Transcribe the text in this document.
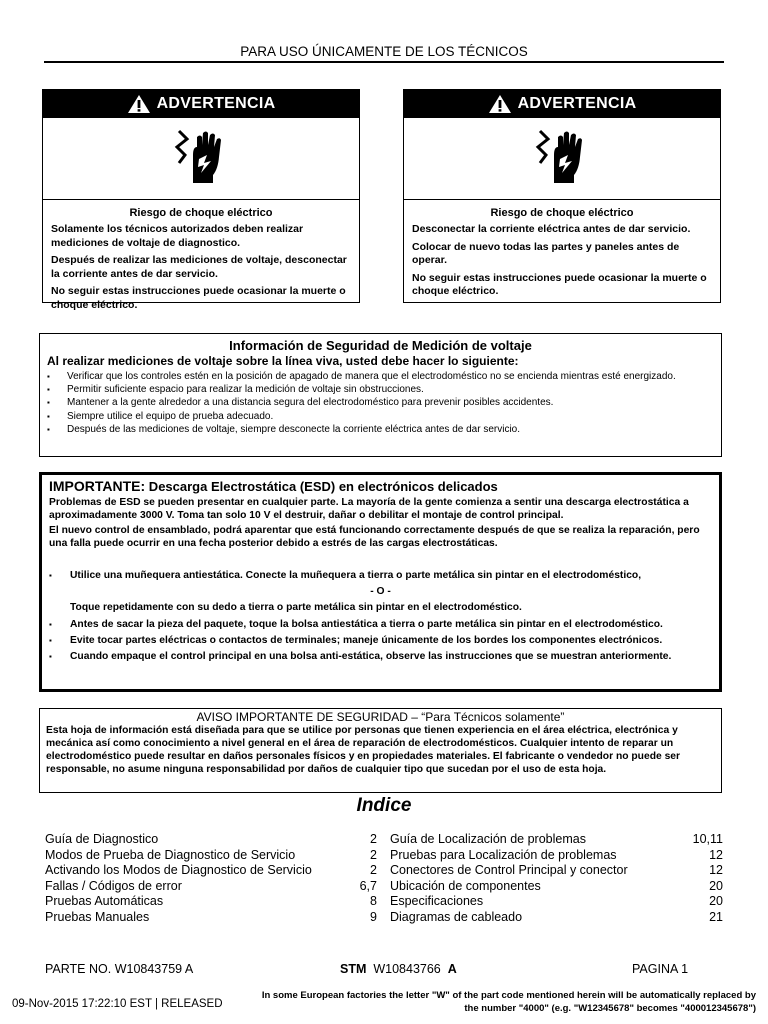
PARA USO ÚNICAMENTE DE LOS TÉCNICOS
ADVERTENCIA
Riesgo de choque eléctrico
Solamente los técnicos autorizados deben realizar mediciones de voltaje de diagnostico.
Después de realizar las mediciones de voltaje, desconectar la corriente antes de dar servicio.
No seguir estas instrucciones puede ocasionar la muerte o choque eléctrico.
ADVERTENCIA
Riesgo de choque eléctrico
Desconectar la corriente eléctrica antes de dar servicio.
Colocar de nuevo todas las partes y paneles antes de operar.
No seguir estas instrucciones puede ocasionar la muerte o choque eléctrico.
Información de Seguridad de Medición de voltaje
Al realizar mediciones de voltaje sobre la línea viva, usted debe hacer lo siguiente:
▪ Verificar que los controles estén en la posición de apagado de manera que el electrodoméstico no se encienda mientras esté energizado.
▪ Permitir suficiente espacio para realizar la medición de voltaje sin obstrucciones.
▪ Mantener a la gente alrededor a una distancia segura del electrodoméstico para prevenir posibles accidentes.
▪ Siempre utilice el equipo de prueba adecuado.
▪ Después de las mediciones de voltaje, siempre desconecte la corriente eléctrica antes de dar servicio.
IMPORTANTE: Descarga Electrostática (ESD) en electrónicos delicados
Problemas de ESD se pueden presentar en cualquier parte. La mayoría de la gente comienza a sentir una descarga electrostática a aproximadamente 3000 V. Toma tan solo 10 V el destruir, dañar o debilitar el montaje de control principal.
El nuevo control de ensamblado, podrá aparentar que está funcionando correctamente después de que se realiza la reparación, pero una falla puede ocurrir en una fecha posterior debido a estrés de las cargas electrostáticas.
▪ Utilice una muñequera antiestática. Conecte la muñequera a tierra o parte metálica sin pintar en el electrodoméstico,
- O -
Toque repetidamente con su dedo a tierra o parte metálica sin pintar en el electrodoméstico.
▪ Antes de sacar la pieza del paquete, toque la bolsa antiestática a tierra o parte metálica sin pintar en el electrodoméstico.
▪ Evite tocar partes eléctricas o contactos de terminales; maneje únicamente de los bordes los componentes electrónicos.
▪ Cuando empaque el control principal en una bolsa anti-estática, observe las instrucciones que se muestran anteriormente.
AVISO IMPORTANTE DE SEGURIDAD – “Para Técnicos solamente”
Esta hoja de información está diseñada para que se utilice por personas que tienen experiencia en el área eléctrica, electrónica y mecánica así como conocimiento a nivel general en el área de reparación de electrodomésticos. Cualquier intento de reparar un electrodoméstico puede resultar en daños personales físicos y en propiedades materiales. El fabricante o vendedor no puede ser responsable, no asume ninguna responsabilidad por daños de cualquier tipo que sucedan por el uso de esta hoja.
Indice
Guía de Diagnostico	2
Modos de Prueba de Diagnostico de Servicio	2
Activando los Modos de Diagnostico de Servicio	2
Fallas / Códigos de error	6,7
Pruebas Automáticas	8
Pruebas Manuales	9
Guía de Localización de problemas	10,11
Pruebas para Localización de problemas	12
Conectores de Control Principal y conector	12
Ubicación de componentes	20
Especificaciones	20
Diagramas de cableado	21
PARTE NO. W10843759 A	STM W10843766 A	PAGINA 1
09-Nov-2015 17:22:10 EST | RELEASED
In some European factories the letter "W" of the part code mentioned herein will be automatically replaced by the number "4000" (e.g. "W12345678" becomes "400012345678")
